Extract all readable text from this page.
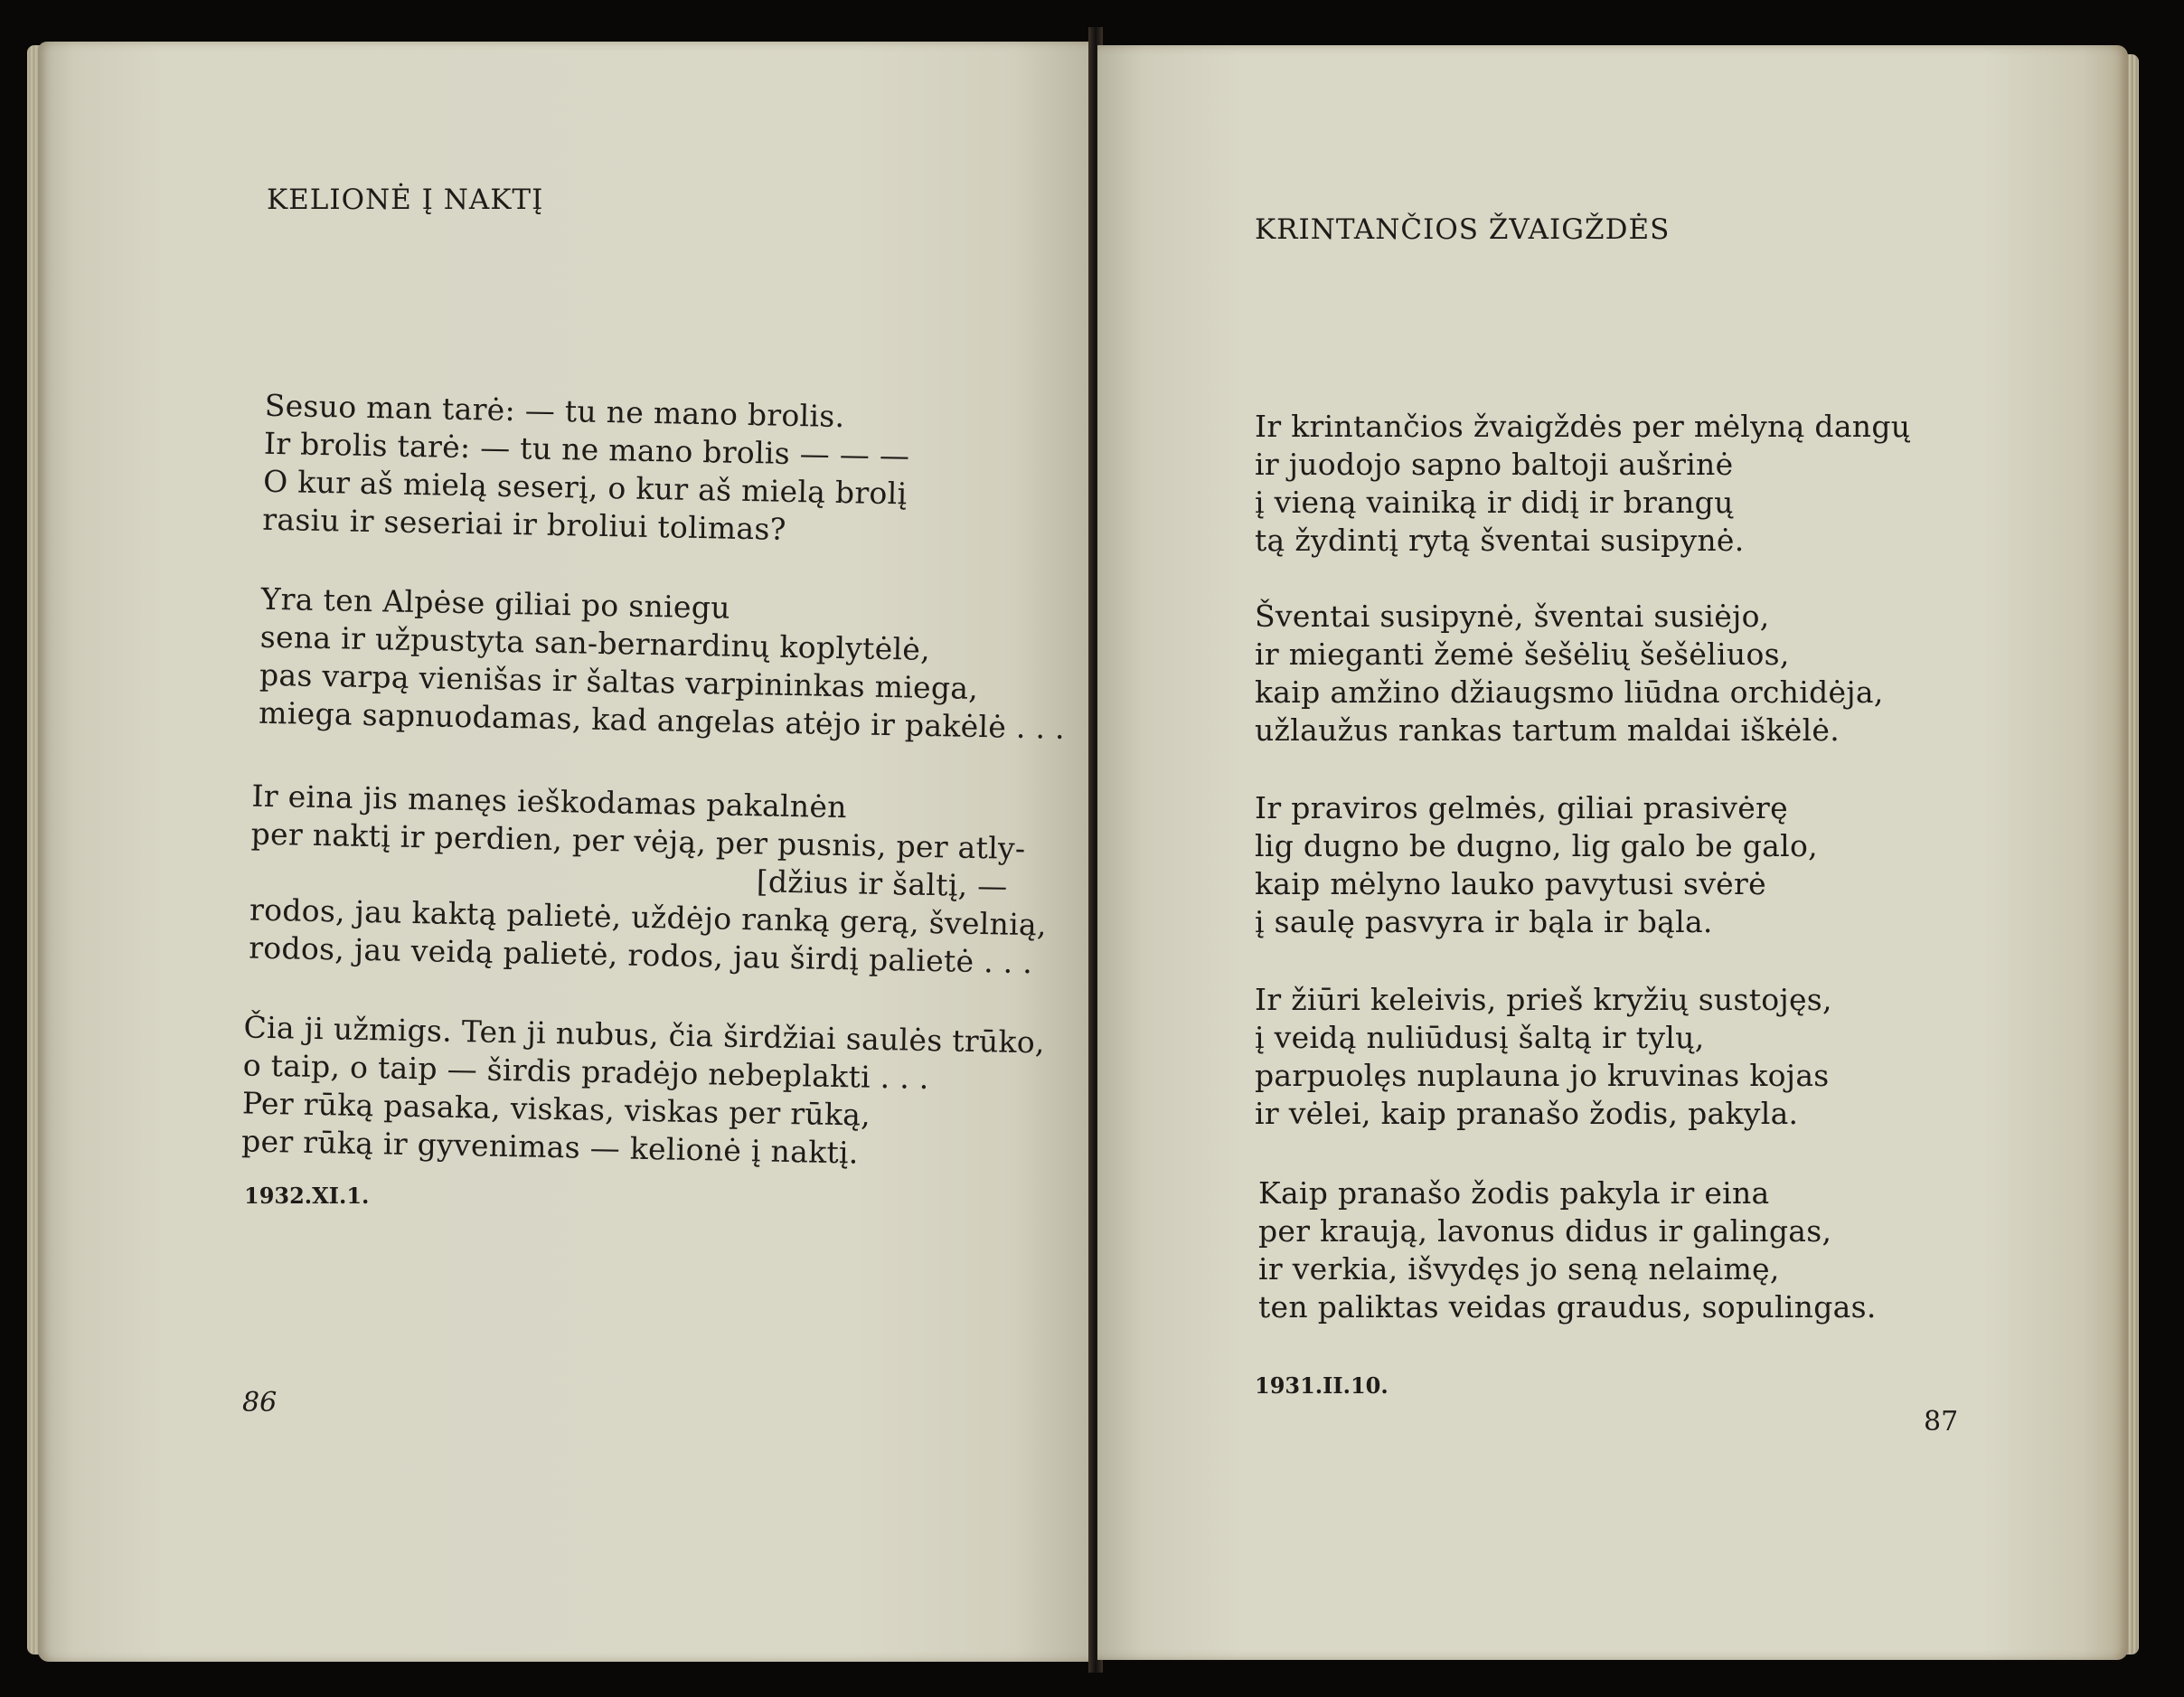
KELIONĖ Į NAKTĮ
Sesuo man tarė: — tu ne mano brolis.
Ir brolis tarė: — tu ne mano brolis — — —
O kur aš mielą seserį, o kur aš mielą brolį
rasiu ir seseriai ir broliui tolimas?
Yra ten Alpėse giliai po sniegu
sena ir užpustyta san-bernardinų koplytėlė,
pas varpą vienišas ir šaltas varpininkas miega,
miega sapnuodamas, kad angelas atėjo ir pakėlė . . .
Ir eina jis manęs ieškodamas pakalnėn
per naktį ir perdien, per vėją, per pusnis, per atly-
[džius ir šaltį, —
rodos, jau kaktą palietė, uždėjo ranką gerą, švelnią,
rodos, jau veidą palietė, rodos, jau širdį palietė . . .
Čia ji užmigs. Ten ji nubus, čia širdžiai saulės trūko,
o taip, o taip — širdis pradėjo nebeplakti . . .
Per rūką pasaka, viskas, viskas per rūką,
per rūką ir gyvenimas — kelionė į naktį.
1932.XI.1.
86
KRINTANČIOS ŽVAIGŽDĖS
Ir krintančios žvaigždės per mėlyną dangų
ir juodojo sapno baltoji aušrinė
į vieną vainiką ir didį ir brangų
tą žydintį rytą šventai susipynė.
Šventai susipynė, šventai susiėjo,
ir mieganti žemė šešėlių šešėliuos,
kaip amžino džiaugsmo liūdna orchidėja,
užlaužus rankas tartum maldai iškėlė.
Ir praviros gelmės, giliai prasivėrę
lig dugno be dugno, lig galo be galo,
kaip mėlyno lauko pavytusi svėrė
į saulę pasvyra ir bąla ir bąla.
Ir žiūri keleivis, prieš kryžių sustojęs,
į veidą nuliūdusį šaltą ir tylų,
parpuolęs nuplauna jo kruvinas kojas
ir vėlei, kaip pranašo žodis, pakyla.
Kaip pranašo žodis pakyla ir eina
per kraują, lavonus didus ir galingas,
ir verkia, išvydęs jo seną nelaimę,
ten paliktas veidas graudus, sopulingas.
1931.II.10.
87
